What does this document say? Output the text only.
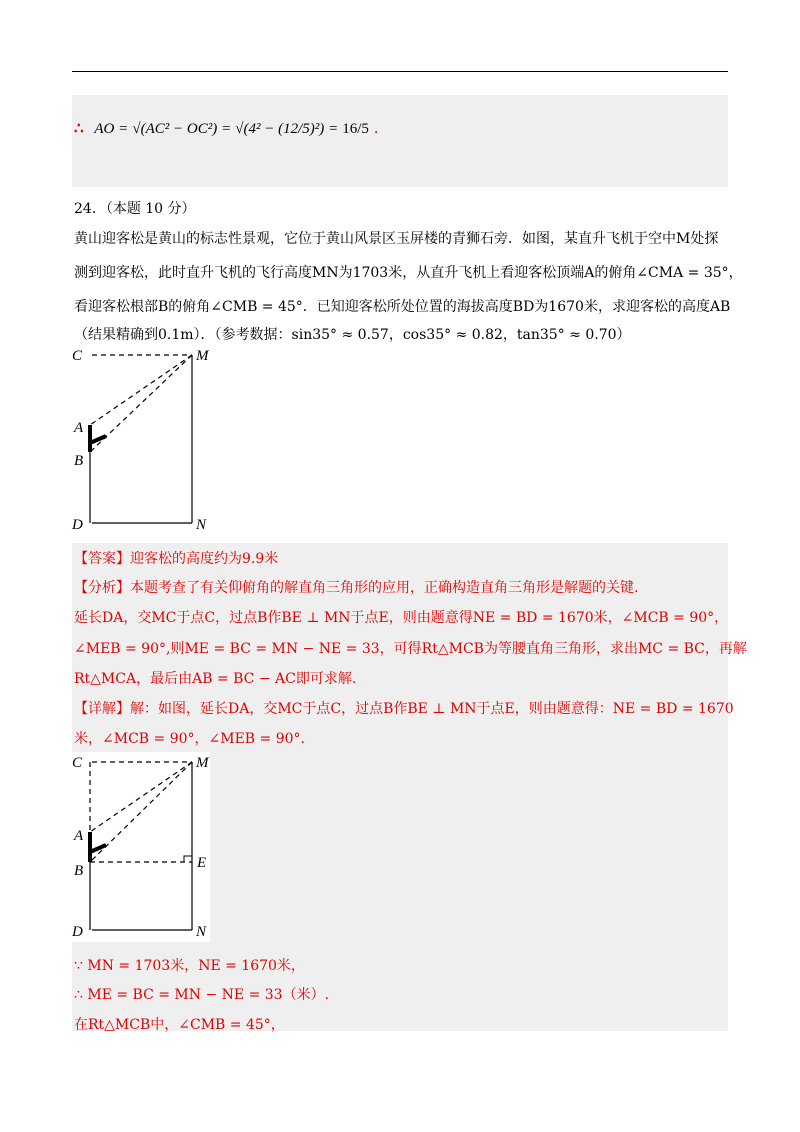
∴ AO = √(AC² − OC²) = √(4² − (12/5)²) = 16/5 .
24．（本题 10 分）
黄山迎客松是黄山的标志性景观，它位于黄山风景区玉屏楼的青狮石旁．如图，某直升飞机于空中M处探
测到迎客松，此时直升飞机的飞行高度MN为1703米，从直升飞机上看迎客松顶端A的俯角∠CMA = 35°，
看迎客松根部B的俯角∠CMB = 45°．已知迎客松所处位置的海拔高度BD为1670米，求迎客松的高度AB
（结果精确到0.1m）．（参考数据：sin35° ≈ 0.57，cos35° ≈ 0.82，tan35° ≈ 0.70）
C	M
A
B
D	N
【答案】迎客松的高度约为9.9米
【分析】本题考查了有关仰俯角的解直角三角形的应用，正确构造直角三角形是解题的关键.
延长DA，交MC于点C，过点B作BE ⊥ MN于点E，则由题意得NE = BD = 1670米，∠MCB = 90°，
∠MEB = 90°,则ME = BC = MN − NE = 33，可得Rt△MCB为等腰直角三角形，求出MC = BC，再解
Rt△MCA，最后由AB = BC − AC即可求解.
【详解】解：如图，延长DA，交MC于点C，过点B作BE ⊥ MN于点E，则由题意得：NE = BD = 1670
米，∠MCB = 90°，∠MEB = 90°.
C	M
A
B	E
D	N
∵ MN = 1703米，NE = 1670米，
∴ ME = BC = MN − NE = 33（米）.
在Rt△MCB中，∠CMB = 45°，
